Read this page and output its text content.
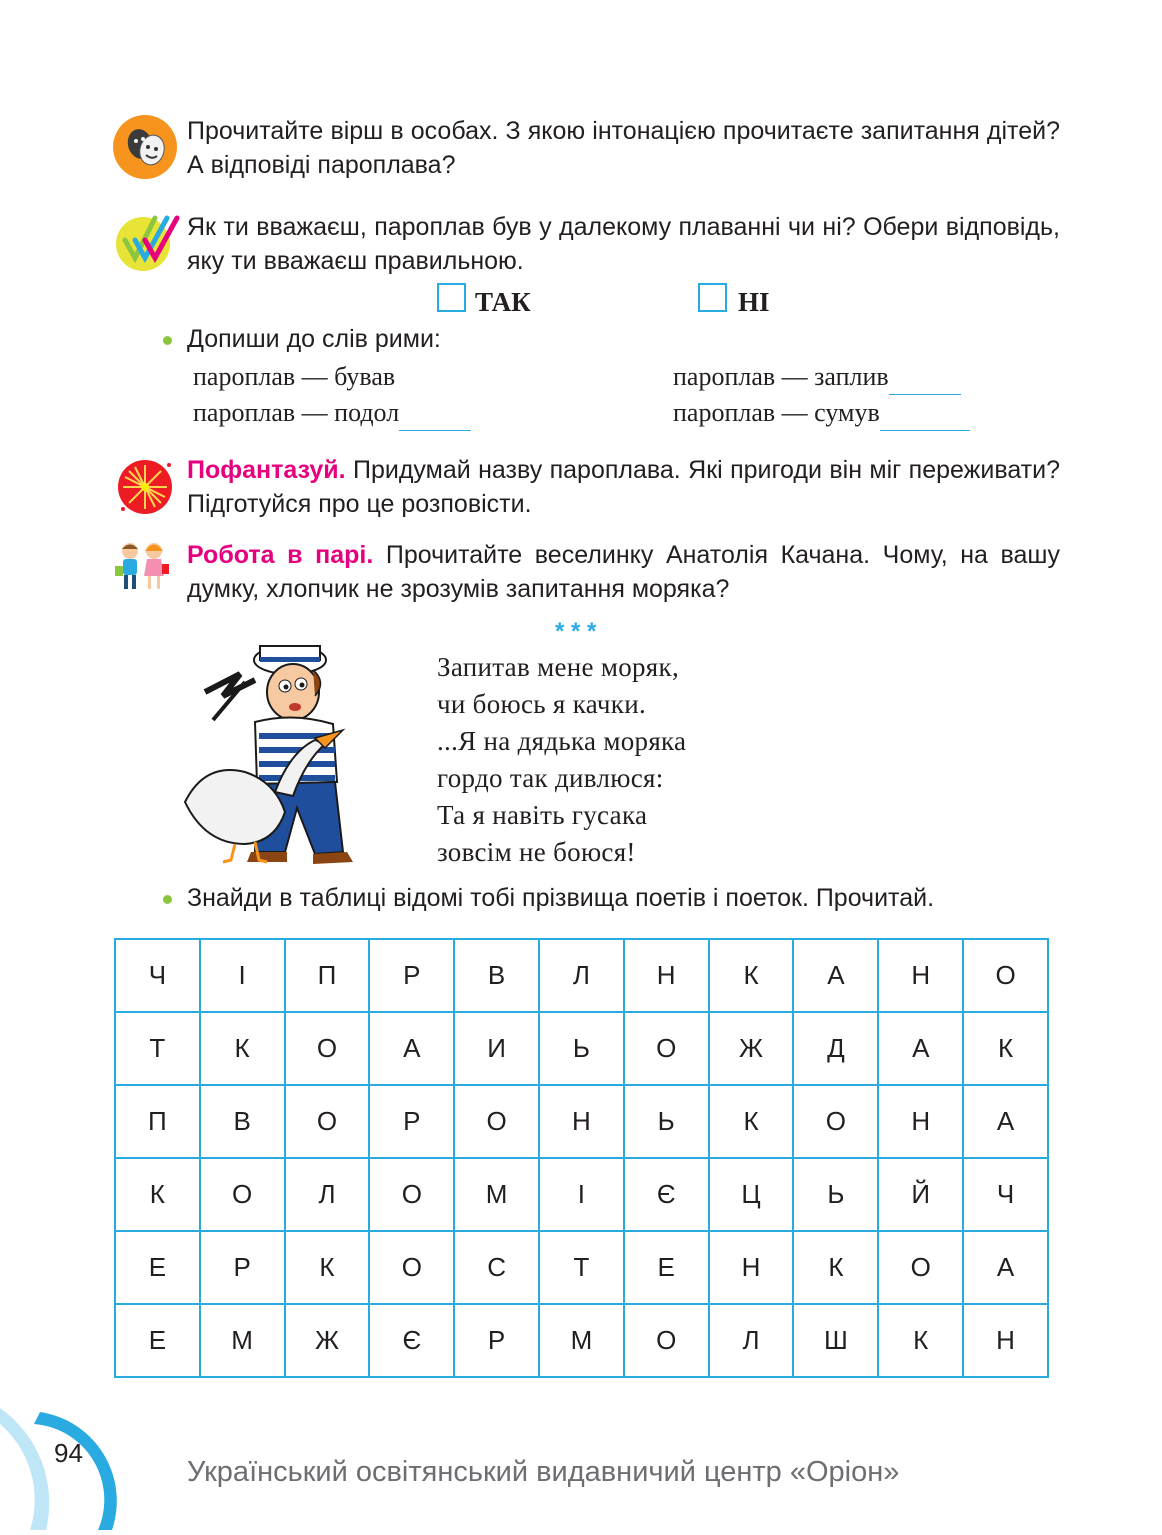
Прочитайте вірш в особах. З якою інтонацією прочитаєте запитання дітей? А відповіді пароплава?
Як ти вважаєш, пароплав був у далекому плаванні чи ні? Обери відповідь, яку ти вважаєш правильною.
ТАК	НІ
Допиши до слів рими:
пароплав — бував
пароплав — подол
пароплав — заплив
пароплав — сумув
Пофантазуй. Придумай назву пароплава. Які пригоди він міг переживати? Підготуйся про це розповісти.
Робота в парі. Прочитайте веселинку Анатолія Качана. Чому, на вашу думку, хлопчик не зрозумів запитання моряка?
* * *
Запитав мене моряк,
чи боюсь я качки.
...Я на дядька моряка
гордо так дивлюся:
Та я навіть гусака
зовсім не боюся!
Знайди в таблиці відомі тобі прізвища поетів і поеток. Прочитай.
Ч	І	П	Р	В	Л	Н	К	А	Н	О
Т	К	О	А	И	Ь	О	Ж	Д	А	К
П	В	О	Р	О	Н	Ь	К	О	Н	А
К	О	Л	О	М	І	Є	Ц	Ь	Й	Ч
Е	Р	К	О	С	Т	Е	Н	К	О	А
Е	М	Ж	Є	Р	М	О	Л	Ш	К	Н
94
Український освітянський видавничий центр «Оріон»
